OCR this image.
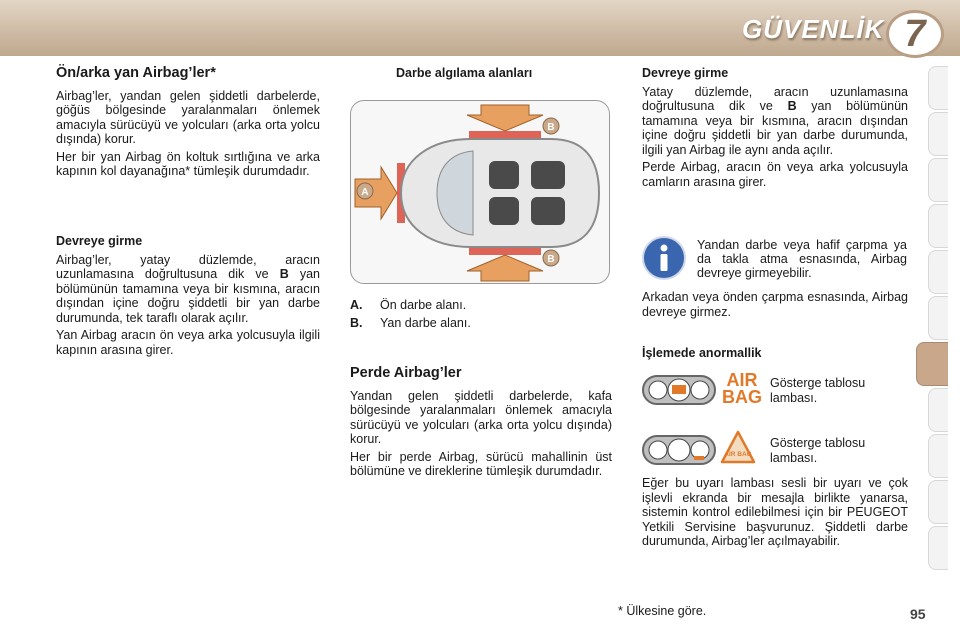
GÜVENLİK 7
Ön/arka yan Airbag’ler*

Airbag’ler, yandan gelen şiddetli darbelerde, göğüs bölgesinde yaralanmaları önlemek amacıyla sürücüyü ve yolcuları (arka orta yolcu dışında) korur.

Her bir yan Airbag ön koltuk sırtlığına ve arka kapının kol dayanağına* tümleşik durumdadır.

Devreye girme

Airbag’ler, yatay düzlemde, aracın uzunlamasına doğrultusuna dik ve B yan bölümünün tamamına veya bir kısmına, aracın dışından içine doğru şiddetli bir yan darbe durumunda, tek taraflı olarak açılır.

Yan Airbag aracın ön veya arka yolcusuyla ilgili kapının arasına girer.

Darbe algılama alanları
B
B
A
A.	Ön darbe alanı.
B.	Yan darbe alanı.
Perde Airbag’ler

Yandan gelen şiddetli darbelerde, kafa bölgesinde yaralanmaları önlemek amacıyla sürücüyü ve yolcuları (arka orta yolcu dışında) korur.

Her bir perde Airbag, sürücü mahallinin üst bölümüne ve direklerine tümleşik durumdadır.

Devreye girme

Yatay düzlemde, aracın uzunlamasına doğrultusuna dik ve B yan bölümünün tamamına veya bir kısmına, aracın dışından içine doğru şiddetli bir yan darbe durumunda, ilgili yan Airbag ile aynı anda açılır.

Perde Airbag, aracın ön veya arka yolcusuyla camların arasına girer.

Yandan darbe veya hafif çarpma ya da takla atma esnasında, Airbag devreye girmeyebilir.

Arkadan veya önden çarpma esnasında, Airbag devreye girmez.

İşlemede anormallik
AIR
BAG
Gösterge tablosu lambası.
AIR BAG
Gösterge tablosu lambası.

Eğer bu uyarı lambası sesli bir uyarı ve çok işlevli ekranda bir mesajla birlikte yanarsa, sistemin kontrol edilebilmesi için bir PEUGEOT Yetkili Servisine başvurunuz. Şiddetli darbe durumunda, Airbag’ler açılmayabilir.

* Ülkesine göre.	95
